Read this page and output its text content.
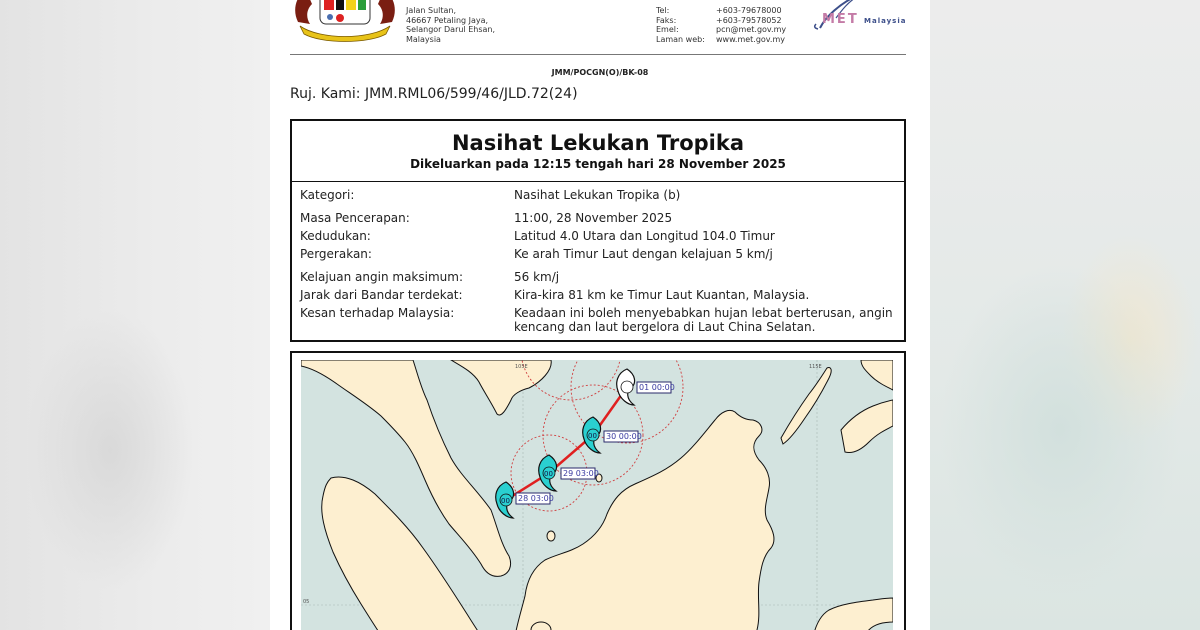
Jalan Sultan,
46667 Petaling Jaya,
Selangor Darul Ehsan,
Malaysia
Tel:	+603-79678000
Faks:	+603-79578052
Emel:	pcn@met.gov.my
Laman web:	www.met.gov.my
MET Malaysia
JMM/POCGN(O)/BK-08
Ruj. Kami: JMM.RML06/599/46/JLD.72(24)
Nasihat Lekukan Tropika
Dikeluarkan pada 12:15 tengah hari 28 November 2025
Kategori:	Nasihat Lekukan Tropika (b)
Masa Pencerapan:	11:00, 28 November 2025
Kedudukan:	Latitud 4.0 Utara dan Longitud 104.0 Timur
Pergerakan:	Ke arah Timur Laut dengan kelajuan 5 km/j
Kelajuan angin maksimum:	56 km/j
Jarak dari Bandar terdekat:	Kira-kira 81 km ke Timur Laut Kuantan, Malaysia.
Kesan terhadap Malaysia:	Keadaan ini boleh menyebabkan hujan lebat berterusan, angin kencang dan laut bergelora di Laut China Selatan.
00
00
00
28 03:00
29 03:00
30 00:00
01 00:00
105E	115E
05
